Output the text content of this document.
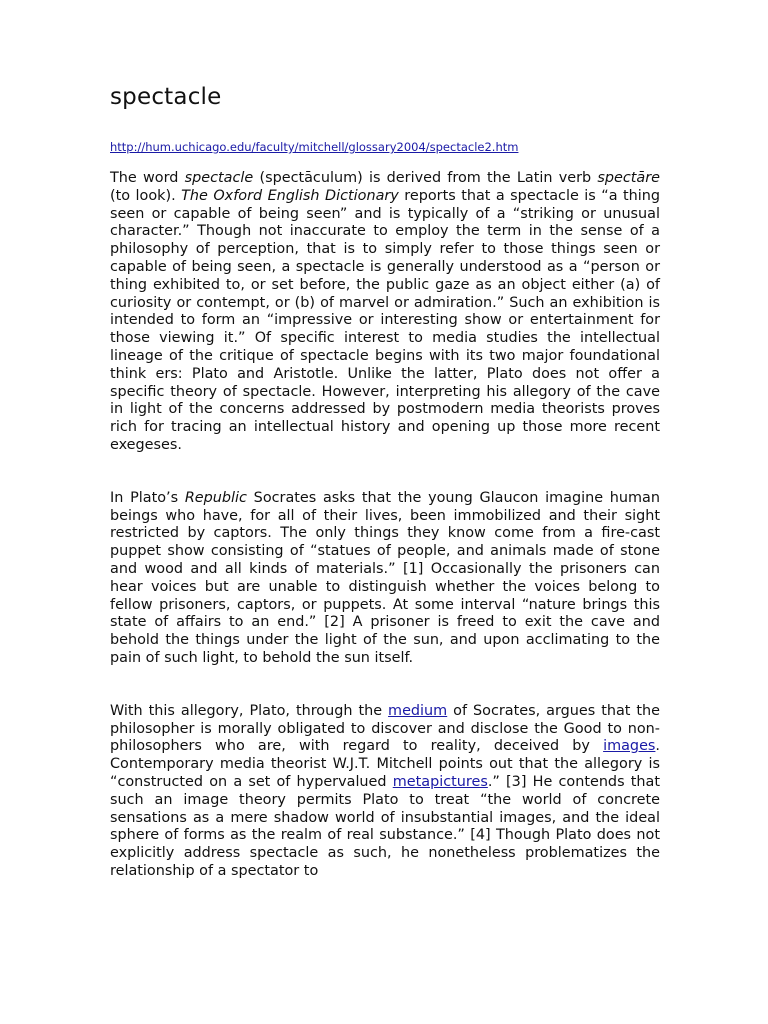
spectacle
http://hum.uchicago.edu/faculty/mitchell/glossary2004/spectacle2.htm

The word spectacle (spectāculum) is derived from the Latin verb spectāre (to look). The Oxford English Dictionary reports that a spectacle is “a thing seen or capable of being seen” and is typically of a “striking or unusual character.” Though not inaccurate to employ the term in the sense of a philosophy of perception, that is to simply refer to those things seen or capable of being seen, a spectacle is generally understood as a “person or thing exhibited to, or set before, the public gaze as an object either (a) of curiosity or contempt, or (b) of marvel or admiration.” Such an exhibition is intended to form an “impressive or interesting show or entertainment for those viewing it.” Of specific interest to media studies the intellectual lineage of the critique of spectacle begins with its two major foundational think ers: Plato and Aristotle. Unlike the latter, Plato does not offer a specific theory of spectacle. However, interpreting his allegory of the cave in light of the concerns addressed by postmodern media theorists proves rich for tracing an intellectual history and opening up those more recent exegeses.

In Plato’s Republic Socrates asks that the young Glaucon imagine human beings who have, for all of their lives, been immobilized and their sight restricted by captors. The only things they know come from a fire-cast puppet show consisting of “statues of people, and animals made of stone and wood and all kinds of materials.” [1] Occasionally the prisoners can hear voices but are unable to distinguish whether the voices belong to fellow prisoners, captors, or puppets. At some interval “nature brings this state of affairs to an end.” [2] A prisoner is freed to exit the cave and behold the things under the light of the sun, and upon acclimating to the pain of such light, to behold the sun itself.

With this allegory, Plato, through the medium of Socrates, argues that the philosopher is morally obligated to discover and disclose the Good to non-philosophers who are, with regard to reality, deceived by images. Contemporary media theorist W.J.T. Mitchell points out that the allegory is “constructed on a set of hypervalued metapictures.” [3] He contends that such an image theory permits Plato to treat “the world of concrete sensations as a mere shadow world of insubstantial images, and the ideal sphere of forms as the realm of real substance.” [4] Though Plato does not explicitly address spectacle as such, he nonetheless problematizes the relationship of a spectator to
